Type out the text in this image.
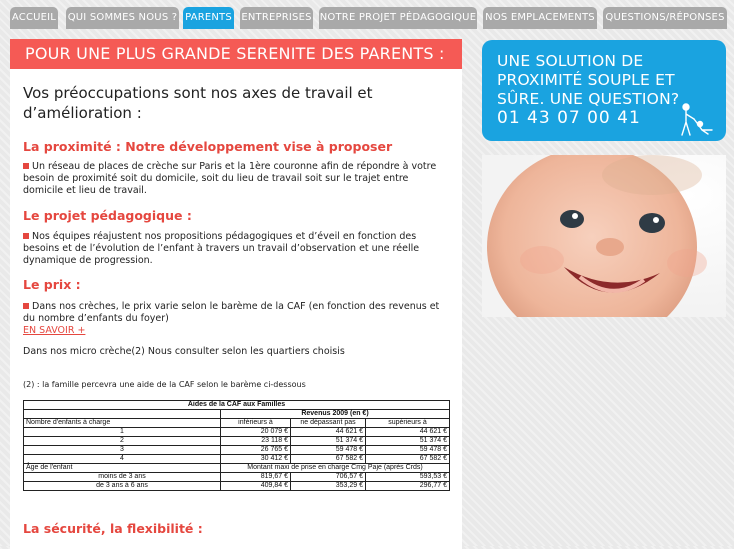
ACCUEIL QUI SOMMES NOUS ? PARENTS ENTREPRISES NOTRE PROJET PÉDAGOGIQUE NOS EMPLACEMENTS QUESTIONS/RÉPONSES
POUR UNE PLUS GRANDE SERENITE DES PARENTS :
Vos préoccupations sont nos axes de travail et d’amélioration :
La proximité : Notre développement vise à proposer
Un réseau de places de crèche sur Paris et la 1ère couronne afin de répondre à votre besoin de proximité soit du domicile, soit du lieu de travail soit sur le trajet entre domicile et lieu de travail.
Le projet pédagogique :
Nos équipes réajustent nos propositions pédagogiques et d’éveil en fonction des besoins et de l’évolution de l’enfant à travers un travail d’observation et une réelle dynamique de progression.
Le prix :
Dans nos crèches, le prix varie selon le barème de la CAF (en fonction des revenus et du nombre d’enfants du foyer)
EN SAVOIR +
Dans nos micro crèche(2) Nous consulter selon les quartiers choisis
(2) : la famille percevra une aide de la CAF selon le barème ci-dessous
Aides de la CAF aux Familles			
	Revenus 2009 (en €)		
Nombre d'enfants à charge	inférieurs à	ne dépassant pas	supérieurs à
1	20 079 €	44 621 €	44 621 €
2	23 118 €	51 374 €	51 374 €
3	26 765 €	59 478 €	59 478 €
4	30 412 €	67 582 €	67 582 €
Âge de l'enfant	Montant maxi de prise en charge Cmg Paje (après Crds)		
moins de 3 ans	819,67 €	706,57 €	593,53 €
de 3 ans à 6 ans	409,84 €	353,29 €	296,77 €
La sécurité, la flexibilité :
UNE SOLUTION DE PROXIMITÉ SOUPLE ET SÛRE. UNE QUESTION?
01 43 07 00 41
